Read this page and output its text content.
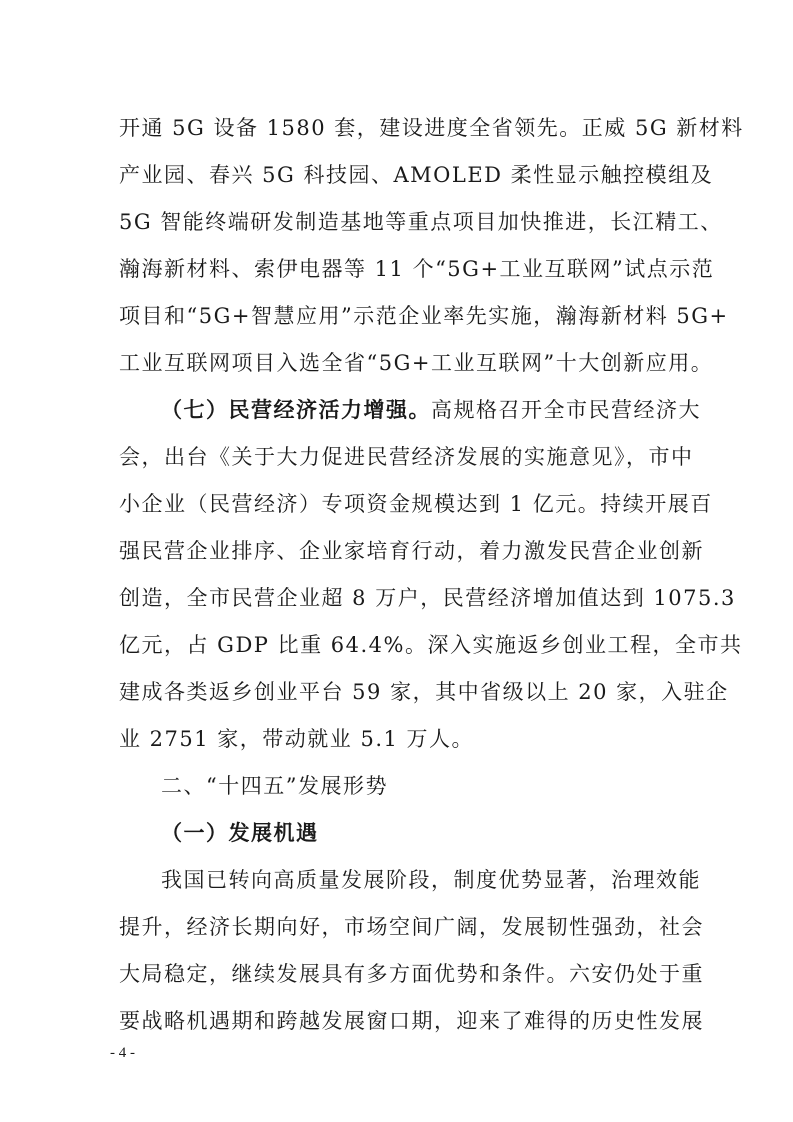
开通 5G 设备 1580 套，建设进度全省领先。正威 5G 新材料
产业园、春兴 5G 科技园、AMOLED 柔性显示触控模组及
5G 智能终端研发制造基地等重点项目加快推进，长江精工、
瀚海新材料、索伊电器等 11 个“5G+工业互联网”试点示范
项目和“5G+智慧应用”示范企业率先实施，瀚海新材料 5G+
工业互联网项目入选全省“5G+工业互联网”十大创新应用。
（七）民营经济活力增强。高规格召开全市民营经济大
会，出台《关于大力促进民营经济发展的实施意见》，市中
小企业（民营经济）专项资金规模达到 1 亿元。持续开展百
强民营企业排序、企业家培育行动，着力激发民营企业创新
创造，全市民营企业超 8 万户，民营经济增加值达到 1075.3
亿元，占 GDP 比重 64.4%。深入实施返乡创业工程，全市共
建成各类返乡创业平台 59 家，其中省级以上 20 家，入驻企
业 2751 家，带动就业 5.1 万人。
二、“十四五”发展形势
（一）发展机遇
我国已转向高质量发展阶段，制度优势显著，治理效能
提升，经济长期向好，市场空间广阔，发展韧性强劲，社会
大局稳定，继续发展具有多方面优势和条件。六安仍处于重
要战略机遇期和跨越发展窗口期，迎来了难得的历史性发展
- 4 -
